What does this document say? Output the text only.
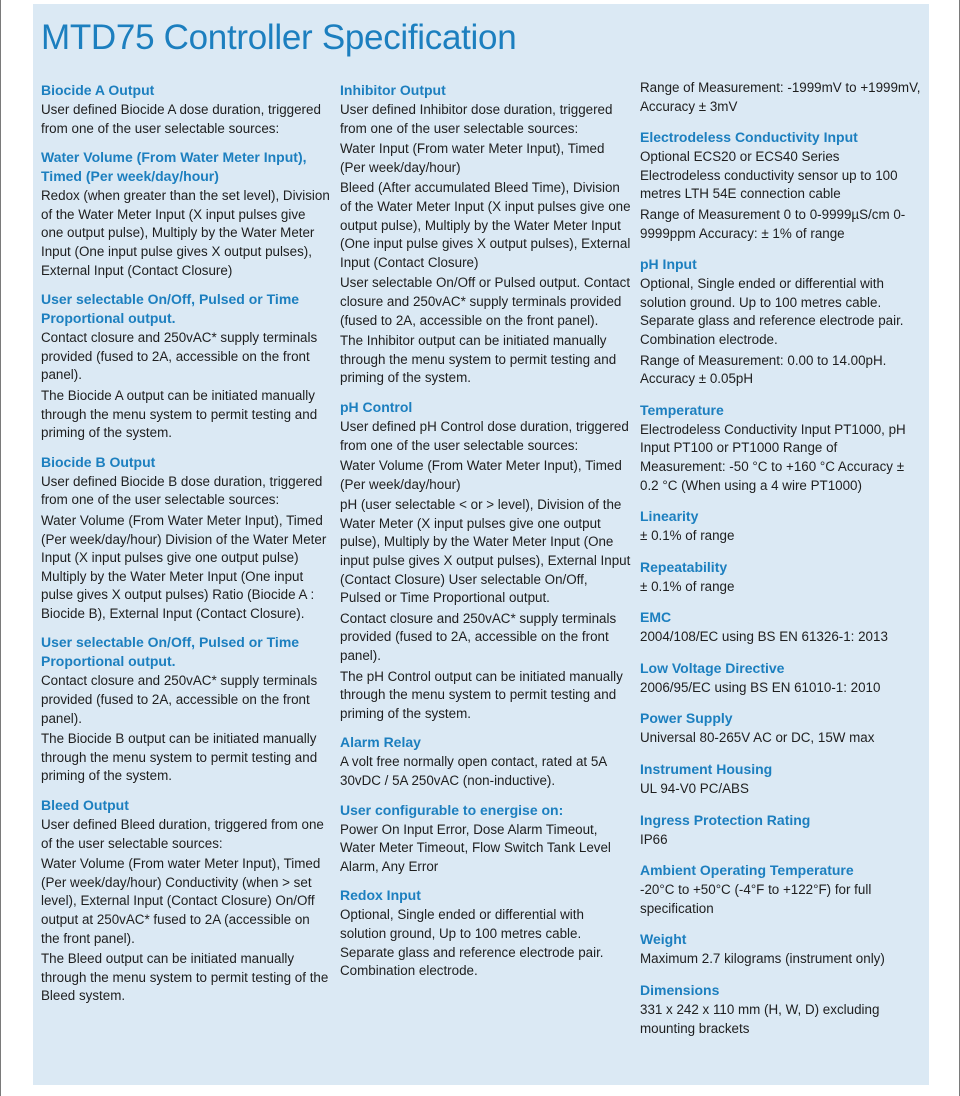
MTD75 Controller Specification
Biocide A Output
User defined Biocide A dose duration, triggered from one of the user selectable sources:
Water Volume (From Water Meter Input), Timed (Per week/day/hour)
Redox (when greater than the set level), Division of the Water Meter Input (X input pulses give one output pulse), Multiply by the Water Meter Input (One input pulse gives X output pulses), External Input (Contact Closure)
User selectable On/Off, Pulsed or Time Proportional output.
Contact closure and 250vAC* supply terminals provided (fused to 2A, accessible on the front panel).
The Biocide A output can be initiated manually through the menu system to permit testing and priming of the system.
Biocide B Output
User defined Biocide B dose duration, triggered from one of the user selectable sources:
Water Volume (From Water Meter Input), Timed (Per week/day/hour) Division of the Water Meter Input (X input pulses give one output pulse) Multiply by the Water Meter Input (One input pulse gives X output pulses) Ratio (Biocide A : Biocide B), External Input (Contact Closure).
User selectable On/Off, Pulsed or Time Proportional output.
Contact closure and 250vAC* supply terminals provided (fused to 2A, accessible on the front panel).
The Biocide B output can be initiated manually through the menu system to permit testing and priming of the system.
Bleed Output
User defined Bleed duration, triggered from one of the user selectable sources:
Water Volume (From water Meter Input), Timed (Per week/day/hour) Conductivity (when > set level), External Input (Contact Closure) On/Off output at 250vAC* fused to 2A (accessible on the front panel).
The Bleed output can be initiated manually through the menu system to permit testing of the Bleed system.
Inhibitor Output
User defined Inhibitor dose duration, triggered from one of the user selectable sources:
Water Input (From water Meter Input), Timed (Per week/day/hour)
Bleed (After accumulated Bleed Time), Division of the Water Meter Input (X input pulses give one output pulse), Multiply by the Water Meter Input (One input pulse gives X output pulses), External Input (Contact Closure)
User selectable On/Off or Pulsed output. Contact closure and 250vAC* supply terminals provided (fused to 2A, accessible on the front panel).
The Inhibitor output can be initiated manually through the menu system to permit testing and priming of the system.
pH Control
User defined pH Control dose duration, triggered from one of the user selectable sources:
Water Volume (From Water Meter Input), Timed (Per week/day/hour)
pH (user selectable < or > level), Division of the Water Meter (X input pulses give one output pulse), Multiply by the Water Meter Input (One input pulse gives X output pulses), External Input (Contact Closure) User selectable On/Off, Pulsed or Time Proportional output.
Contact closure and 250vAC* supply terminals provided (fused to 2A, accessible on the front panel).
The pH Control output can be initiated manually through the menu system to permit testing and priming of the system.
Alarm Relay
A volt free normally open contact, rated at 5A 30vDC / 5A 250vAC (non-inductive).
User configurable to energise on:
Power On Input Error, Dose Alarm Timeout, Water Meter Timeout, Flow Switch Tank Level Alarm, Any Error
Redox Input
Optional, Single ended or differential with solution ground, Up to 100 metres cable. Separate glass and reference electrode pair. Combination electrode.
Range of Measurement: -1999mV to +1999mV, Accuracy ± 3mV
Electrodeless Conductivity Input
Optional ECS20 or ECS40 Series Electrodeless conductivity sensor up to 100 metres LTH 54E connection cable
Range of Measurement 0 to 0-9999µS/cm 0-9999ppm Accuracy: ± 1% of range
pH Input
Optional, Single ended or differential with solution ground. Up to 100 metres cable. Separate glass and reference electrode pair. Combination electrode.
Range of Measurement: 0.00 to 14.00pH. Accuracy ± 0.05pH
Temperature
Electrodeless Conductivity Input PT1000, pH Input PT100 or PT1000 Range of Measurement: -50 °C to +160 °C Accuracy ± 0.2 °C (When using a 4 wire PT1000)
Linearity
± 0.1% of range
Repeatability
± 0.1% of range
EMC
2004/108/EC using BS EN 61326-1: 2013
Low Voltage Directive
2006/95/EC using BS EN 61010-1: 2010
Power Supply
Universal 80-265V AC or DC, 15W max
Instrument Housing
UL 94-V0 PC/ABS
Ingress Protection Rating
IP66
Ambient Operating Temperature
-20°C to +50°C (-4°F to +122°F) for full specification
Weight
Maximum 2.7 kilograms (instrument only)
Dimensions
331 x 242 x 110 mm (H, W, D) excluding mounting brackets
